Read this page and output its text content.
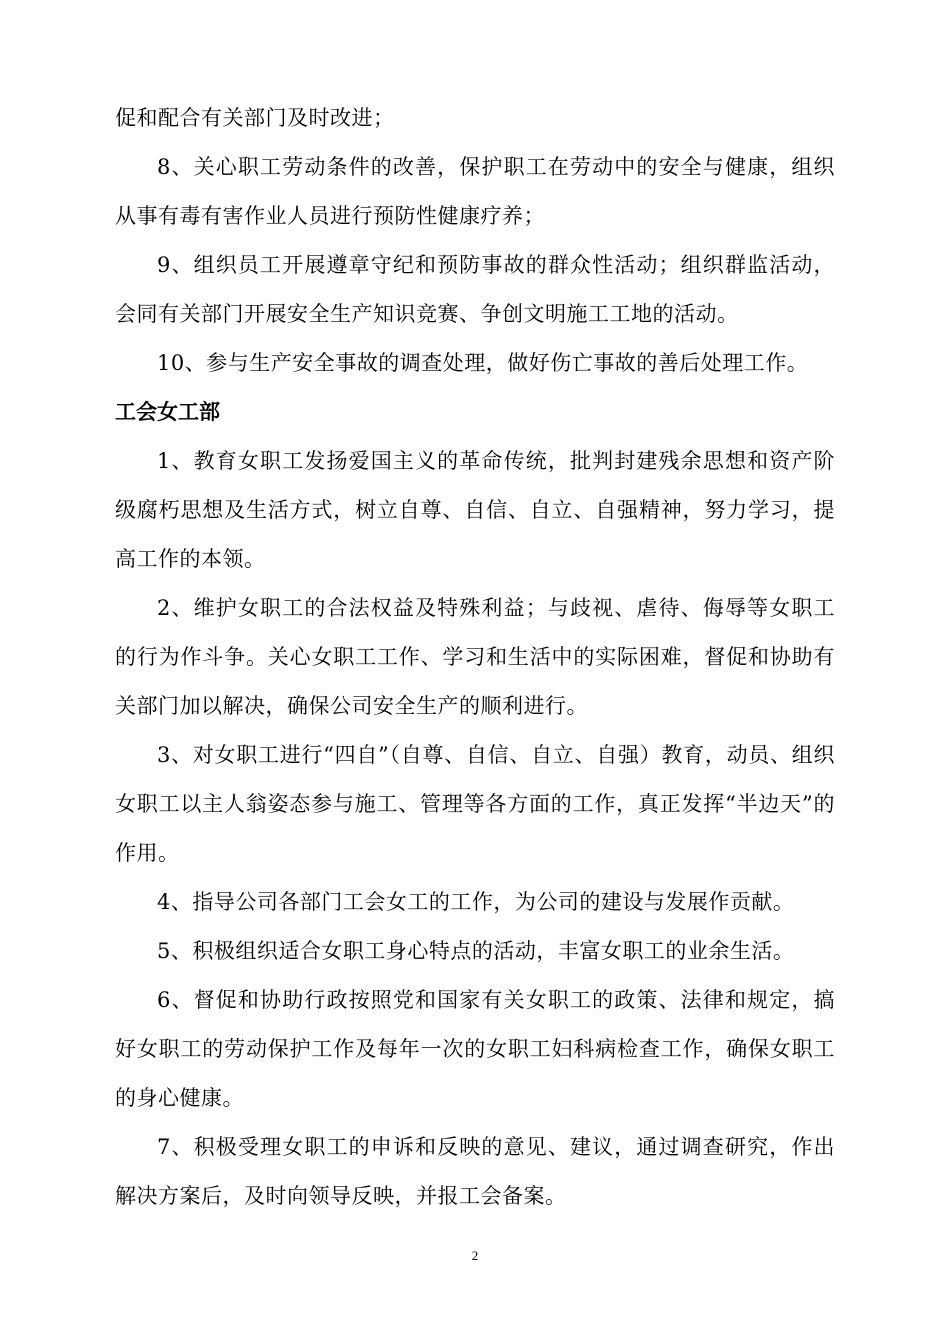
促和配合有关部门及时改进；

8、关心职工劳动条件的改善，保护职工在劳动中的安全与健康，组织从事有毒有害作业人员进行预防性健康疗养；

9、组织员工开展遵章守纪和预防事故的群众性活动；组织群监活动，会同有关部门开展安全生产知识竞赛、争创文明施工工地的活动。

10、参与生产安全事故的调查处理，做好伤亡事故的善后处理工作。

工会女工部

1、教育女职工发扬爱国主义的革命传统，批判封建残余思想和资产阶级腐朽思想及生活方式，树立自尊、自信、自立、自强精神，努力学习，提高工作的本领。

2、维护女职工的合法权益及特殊利益；与歧视、虐待、侮辱等女职工的行为作斗争。关心女职工工作、学习和生活中的实际困难，督促和协助有关部门加以解决，确保公司安全生产的顺利进行。

3、对女职工进行“四自”（自尊、自信、自立、自强）教育，动员、组织女职工以主人翁姿态参与施工、管理等各方面的工作，真正发挥“半边天”的作用。

4、指导公司各部门工会女工的工作，为公司的建设与发展作贡献。

5、积极组织适合女职工身心特点的活动，丰富女职工的业余生活。

6、督促和协助行政按照党和国家有关女职工的政策、法律和规定，搞好女职工的劳动保护工作及每年一次的女职工妇科病检查工作，确保女职工的身心健康。

7、积极受理女职工的申诉和反映的意见、建议，通过调查研究，作出解决方案后，及时向领导反映，并报工会备案。

2
